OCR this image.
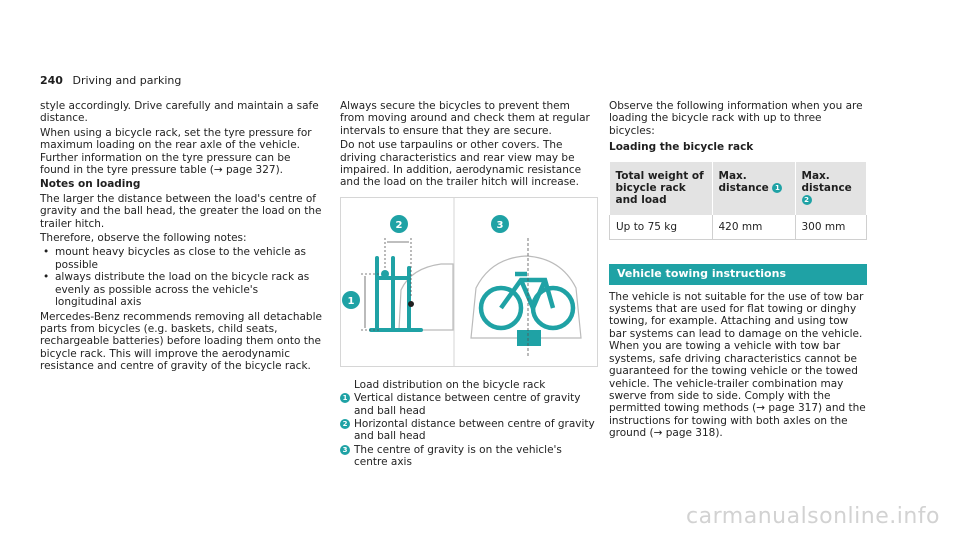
240 Driving and parking

style accordingly. Drive carefully and maintain a safe distance.

When using a bicycle rack, set the tyre pressure for maximum loading on the rear axle of the vehicle. Further information on the tyre pressure can be found in the tyre pressure table (→ page 327).

Notes on loading

The larger the distance between the load's centre of gravity and the ball head, the greater the load on the trailer hitch.

Therefore, observe the following notes:

• mount heavy bicycles as close to the vehicle as possible
• always distribute the load on the bicycle rack as evenly as possible across the vehicle's longitudinal axis

Mercedes-Benz recommends removing all detachable parts from bicycles (e.g. baskets, child seats, rechargeable batteries) before loading them onto the bicycle rack. This will improve the aerodynamic resistance and centre of gravity of the bicycle rack.

Always secure the bicycles to prevent them from moving around and check them at regular intervals to ensure that they are secure.

Do not use tarpaulins or other covers. The driving characteristics and rear view may be impaired. In addition, aerodynamic resistance and the load on the trailer hitch will increase.

2
1
3

Load distribution on the bicycle rack

1 Vertical distance between centre of gravity and ball head
2 Horizontal distance between centre of gravity and ball head
3 The centre of gravity is on the vehicle's centre axis

Observe the following information when you are loading the bicycle rack with up to three bicycles:

Loading the bicycle rack

Total weight of bicycle rack and load	Max. distance 1	Max. distance 2
Up to 75 kg	420 mm	300 mm
Vehicle towing instructions

The vehicle is not suitable for the use of tow bar systems that are used for flat towing or dinghy towing, for example. Attaching and using tow bar systems can lead to damage on the vehicle. When you are towing a vehicle with tow bar systems, safe driving characteristics cannot be guaranteed for the towing vehicle or the towed vehicle. The vehicle-trailer combination may swerve from side to side. Comply with the permitted towing methods (→ page 317) and the instructions for towing with both axles on the ground (→ page 318).

carmanualsonline.info
